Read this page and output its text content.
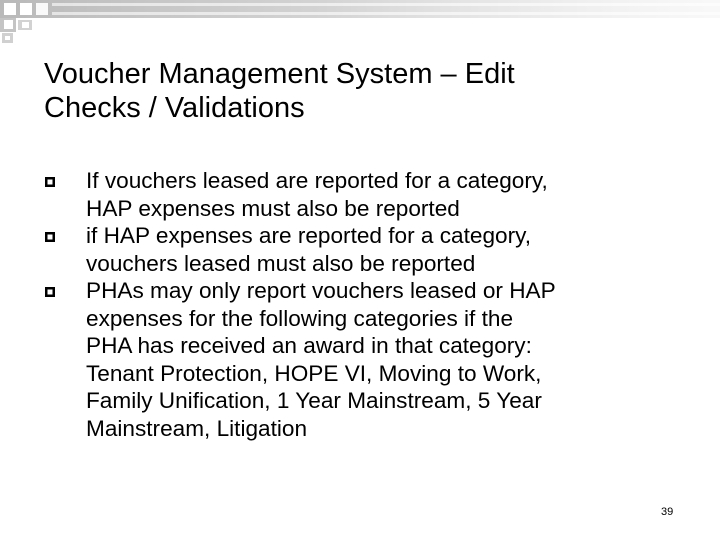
Voucher Management System – Edit
Checks / Validations
If vouchers leased are reported for a category,
HAP expenses must also be reported
if HAP expenses are reported for a category,
vouchers leased must also be reported
PHAs may only report vouchers leased or HAP
expenses for the following categories if the
PHA has received an award in that category:
Tenant Protection, HOPE VI, Moving to Work,
Family Unification, 1 Year Mainstream, 5 Year
Mainstream, Litigation
39
